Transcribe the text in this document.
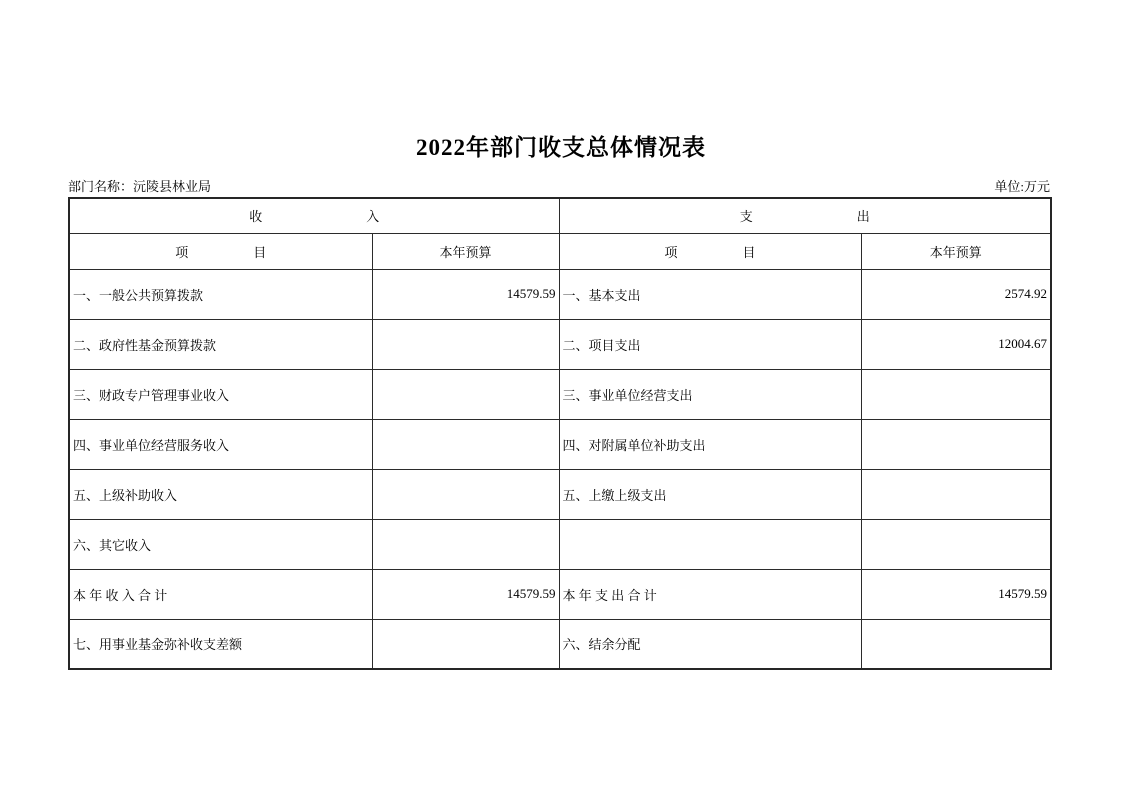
2022年部门收支总体情况表
部门名称：沅陵县林业局	单位:万元
收　　　　　　　　入		支　　　　　　　　出	
项　　　　　目	本年预算	项　　　　　目	本年预算
一、一般公共预算拨款	14579.59	一、基本支出	2574.92
二、政府性基金预算拨款		二、项目支出	12004.67
三、财政专户管理事业收入		三、事业单位经营支出	
四、事业单位经营服务收入		四、对附属单位补助支出	
五、上级补助收入		五、上缴上级支出	
六、其它收入			
本 年 收 入 合 计	14579.59	本 年 支 出 合 计	14579.59
七、用事业基金弥补收支差额		六、结余分配	
